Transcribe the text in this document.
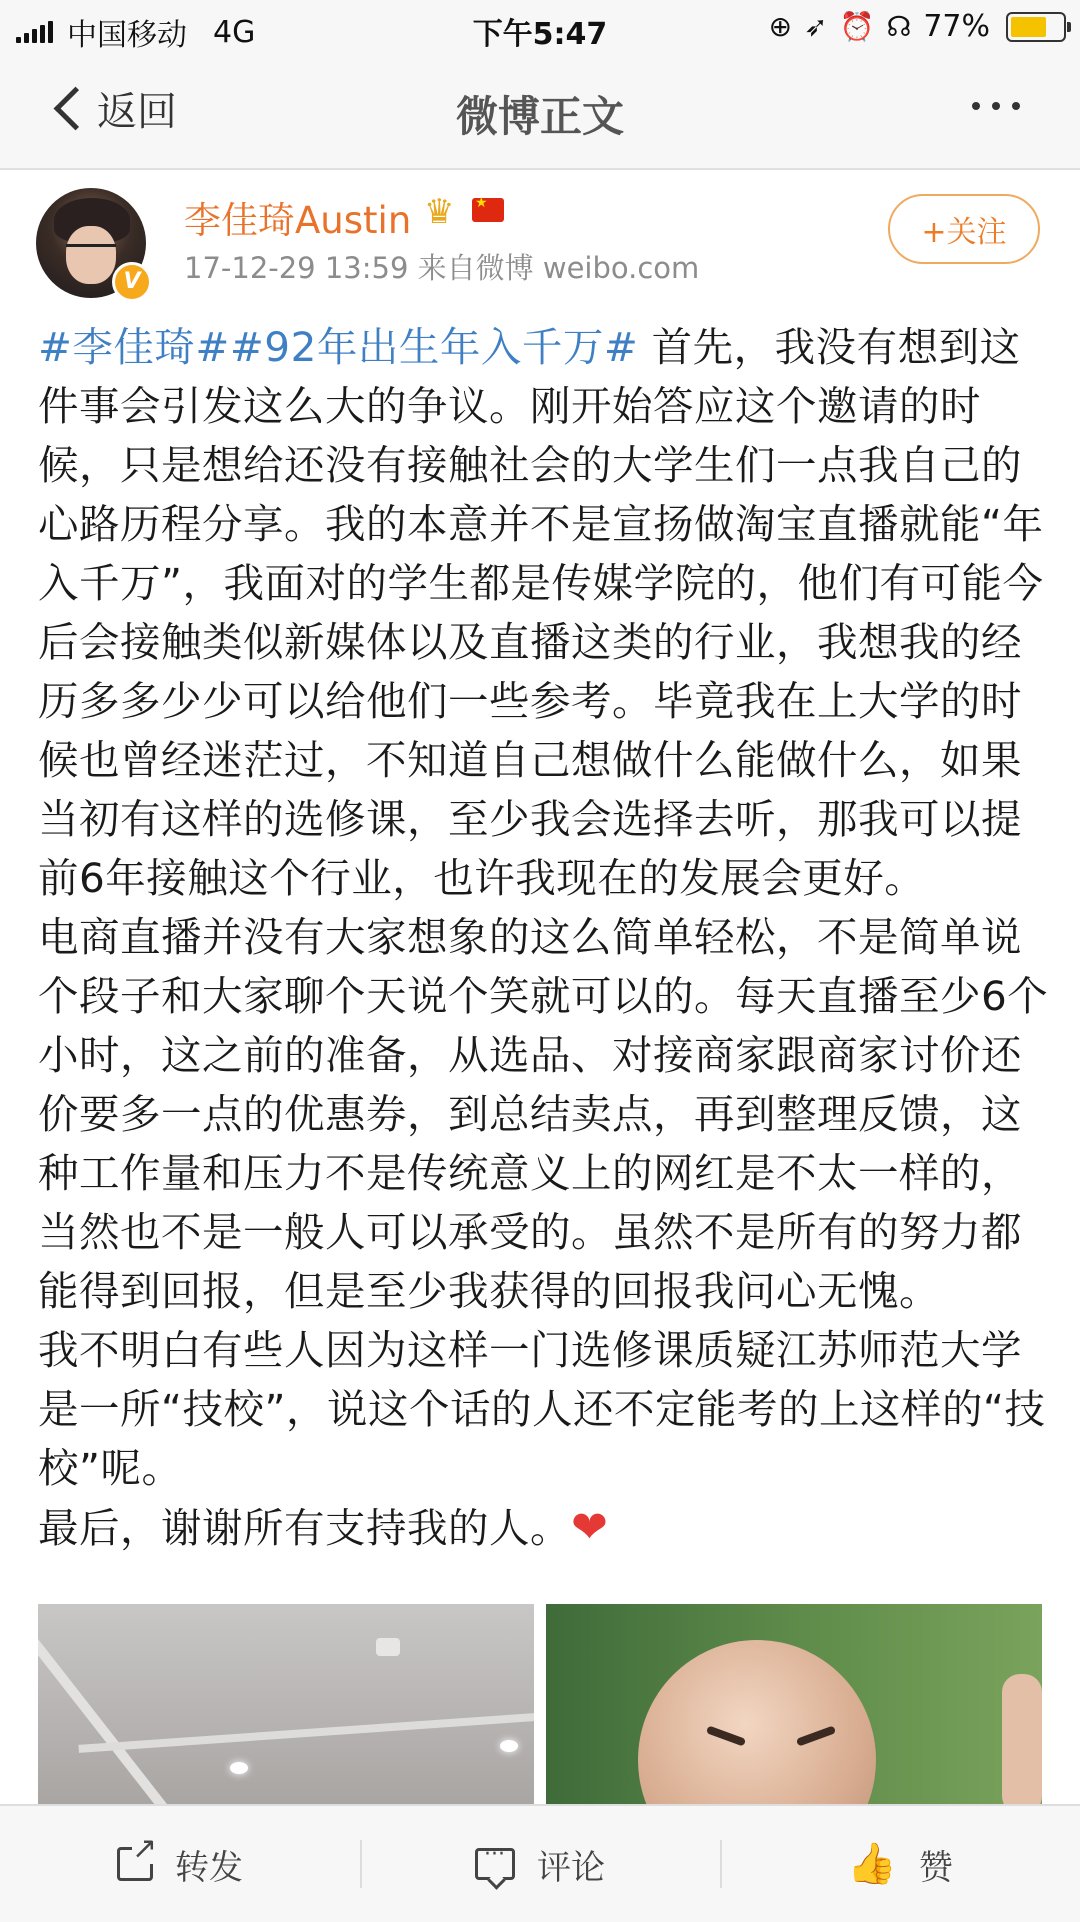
中国移动 4G	下午5:47	⊕ ➶ ⏰ ☊ 77%
返回	微博正文
V
李佳琦Austin ♛
★
17-12-29 13:59 来自微博 weibo.com
+关注

#李佳琦##92年出生年入千万# 首先，我没有想到这件事会引发这么大的争议。刚开始答应这个邀请的时候，只是想给还没有接触社会的大学生们一点我自己的心路历程分享。我的本意并不是宣扬做淘宝直播就能“年入千万”，我面对的学生都是传媒学院的，他们有可能今后会接触类似新媒体以及直播这类的行业，我想我的经历多多少少可以给他们一些参考。毕竟我在上大学的时候也曾经迷茫过，不知道自己想做什么能做什么，如果当初有这样的选修课，至少我会选择去听，那我可以提前6年接触这个行业，也许我现在的发展会更好。

电商直播并没有大家想象的这么简单轻松，不是简单说个段子和大家聊个天说个笑就可以的。每天直播至少6个小时，这之前的准备，从选品、对接商家跟商家讨价还价要多一点的优惠券，到总结卖点，再到整理反馈，这种工作量和压力不是传统意义上的网红是不太一样的，当然也不是一般人可以承受的。虽然不是所有的努力都能得到回报，但是至少我获得的回报我问心无愧。

我不明白有些人因为这样一门选修课质疑江苏师范大学是一所“技校”，说这个话的人还不定能考的上这样的“技校”呢。

最后，谢谢所有支持我的人。❤

↗
转发
···	评论	👍 赞
